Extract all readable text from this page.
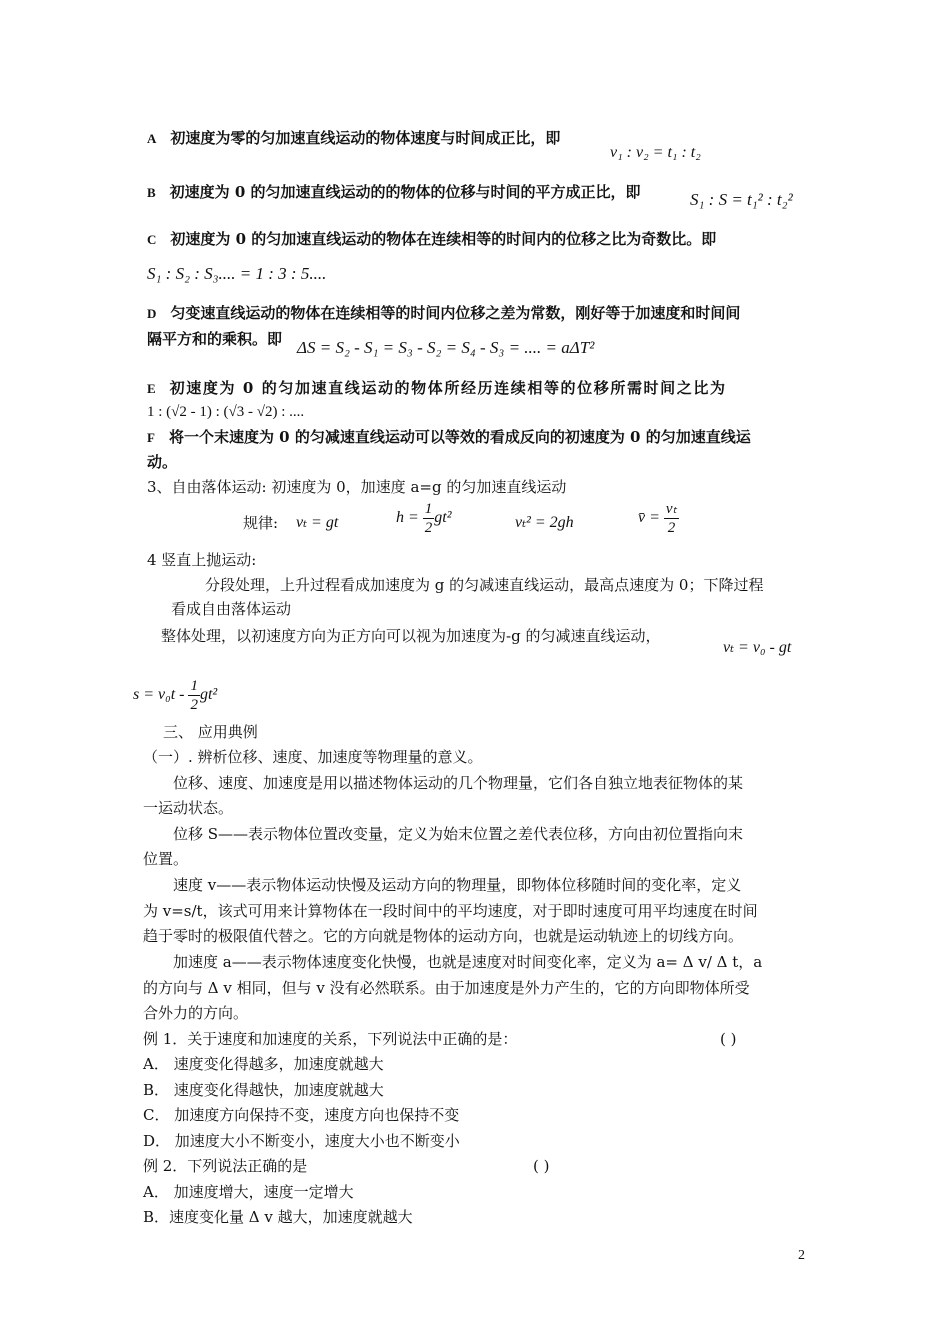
A 初速度为零的匀加速直线运动的物体速度与时间成正比，即
v₁ : v₂ = t₁ : t₂
B 初速度为 0 的匀加速直线运动的的物体的位移与时间的平方成正比，即	S₁ : S = t₁² : t₂²
C 初速度为 0 的匀加速直线运动的物体在连续相等的时间内的位移之比为奇数比。即
S₁ : S₂ : S₃.... = 1 : 3 : 5....
D 匀变速直线运动的物体在连续相等的时间内位移之差为常数，刚好等于加速度和时间间
隔平方和的乘积。即 ΔS = S₂ - S₁ = S₃ - S₂ = S₄ - S₃ = .... = aΔT²
E 初速度为 0 的匀加速直线运动的物体所经历连续相等的位移所需时间之比为
1 : (√2 - 1) : (√3 - √2) : ....
F 将一个末速度为 0 的匀减速直线运动可以等效的看成反向的初速度为 0 的匀加速直线运
动。
3、自由落体运动: 初速度为 0，加速度 a=g 的匀加速直线运动
规律: vₜ = gt	$h = \frac{1}{2} gt^2$	vₜ² = 2gh	v̄ = $\frac{\text{vₜ}}{2}$
4 竖直上抛运动:
分段处理，上升过程看成加速度为 g 的匀减速直线运动，最高点速度为 0；下降过程
看成自由落体运动
整体处理，以初速度方向为正方向可以视为加速度为-g 的匀减速直线运动，
vₜ = v₀ - gt
$s = v_0t - \frac{1}{2} gt^2$
三、 应用典例
（一）. 辨析位移、速度、加速度等物理量的意义。
位移、速度、加速度是用以描述物体运动的几个物理量，它们各自独立地表征物体的某
一运动状态。
位移 S——表示物体位置改变量，定义为始末位置之差代表位移，方向由初位置指向末
位置。
速度 v——表示物体运动快慢及运动方向的物理量，即物体位移随时间的变化率，定义
为 v=s/t，该式可用来计算物体在一段时间中的平均速度，对于即时速度可用平均速度在时间
趋于零时的极限值代替之。它的方向就是物体的运动方向，也就是运动轨迹上的切线方向。
加速度 a——表示物体速度变化快慢，也就是速度对时间变化率，定义为 a= Δ v/ Δ t，a
的方向与 Δ v 相同，但与 v 没有必然联系。由于加速度是外力产生的，它的方向即物体所受
合外力的方向。
例 1．关于速度和加速度的关系，下列说法中正确的是：	( )
A． 速度变化得越多，加速度就越大
B． 速度变化得越快，加速度就越大
C． 加速度方向保持不变，速度方向也保持不变
D． 加速度大小不断变小，速度大小也不断变小
例 2．下列说法正确的是	( )
A． 加速度增大，速度一定增大
B．速度变化量 Δ v 越大，加速度就越大
2
